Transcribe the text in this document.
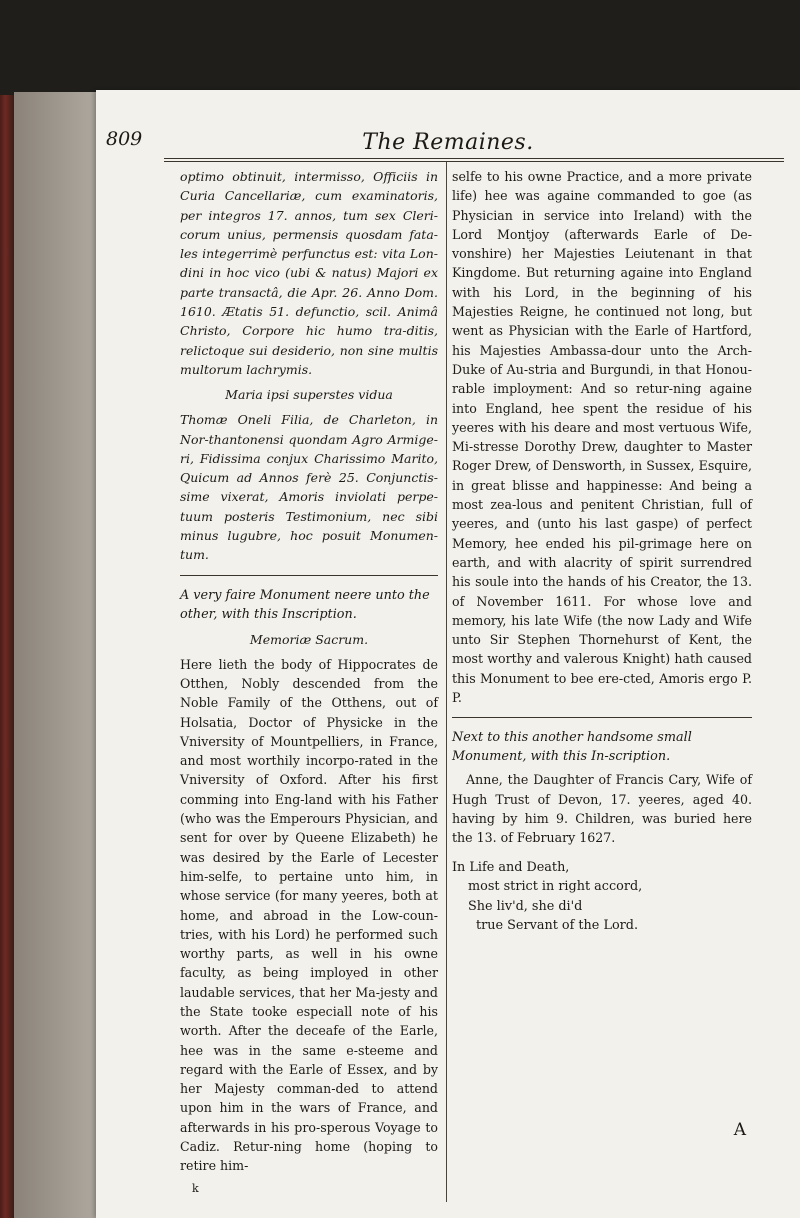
809	The Remaines.

optimo obtinuit, intermisso, Officiis in Curia Cancellariæ, cum examinatoris, per integros 17. annos, tum sex Cleri-corum unius, permensis quosdam fata-les integerrimè perfunctus est: vita Lon-dini in hoc vico (ubi & natus) Majori ex parte transactâ, die Apr. 26. Anno Dom. 1610. Ætatis 51. defunctio, scil. Animâ Christo, Corpore hic humo tra-ditis, relictoque sui desiderio, non sine multis multorum lachrymis.

Maria ipsi superstes vidua

Thomæ Oneli Filia, de Charleton, in Nor-thantonensi quondam Agro Armige-ri, Fidissima conjux Charissimo Marito, Quicum ad Annos ferè 25. Conjunctis-sime vixerat, Amoris inviolati perpe-tuum posteris Testimonium, nec sibi minus lugubre, hoc posuit Monumen-tum.

A very faire Monument neere unto the other, with this Inscription.

Memoriæ Sacrum.

Here lieth the body of Hippocrates de Otthen, Nobly descended from the Noble Family of the Otthens, out of Holsatia, Doctor of Physicke in the Vniversity of Mountpelliers, in France, and most worthily incorpo-rated in the Vniversity of Oxford. After his first comming into Eng-land with his Father (who was the Emperours Physician, and sent for over by Queene Elizabeth) he was desired by the Earle of Lecester him-selfe, to pertaine unto him, in whose service (for many yeeres, both at home, and abroad in the Low-coun-tries, with his Lord) he performed such worthy parts, as well in his owne faculty, as being imployed in other laudable services, that her Ma-jesty and the State tooke especiall note of his worth. After the deceafe of the Earle, hee was in the same e-steeme and regard with the Earle of Essex, and by her Majesty comman-ded to attend upon him in the wars of France, and afterwards in his pro-sperous Voyage to Cadiz. Retur-ning home (hoping to retire him-

selfe to his owne Practice, and a more private life) hee was againe commanded to goe (as Physician in service into Ireland) with the Lord Montjoy (afterwards Earle of De-vonshire) her Majesties Leiutenant in that Kingdome. But returning againe into England with his Lord, in the beginning of his Majesties Reigne, he continued not long, but went as Physician with the Earle of Hartford, his Majesties Ambassa-dour unto the Arch-Duke of Au-stria and Burgundi, in that Honou-rable imployment: And so retur-ning againe into England, hee spent the residue of his yeeres with his deare and most vertuous Wife, Mi-stresse Dorothy Drew, daughter to Master Roger Drew, of Densworth, in Sussex, Esquire, in great blisse and happinesse: And being a most zea-lous and penitent Christian, full of yeeres, and (unto his last gaspe) of perfect Memory, hee ended his pil-grimage here on earth, and with alacrity of spirit surrendred his soule into the hands of his Creator, the 13. of November 1611. For whose love and memory, his late Wife (the now Lady and Wife unto Sir Stephen Thornehurst of Kent, the most worthy and valerous Knight) hath caused this Monument to bee ere-cted, Amoris ergo P. P.

Next to this another handsome small Monument, with this In-scription.

Anne, the Daughter of Francis Cary, Wife of Hugh Trust of Devon, 17. yeeres, aged 40. having by him 9. Children, was buried here the 13. of February 1627.

In Life and Death,

most strict in right accord,

She liv'd, she di'd

true Servant of the Lord.

A
k
